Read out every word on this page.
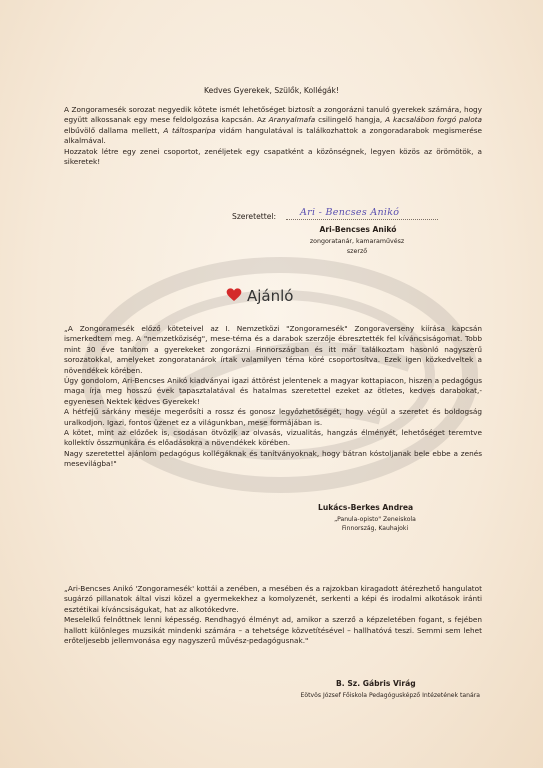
Kedves Gyerekek, Szülők, Kollégák!

A Zongoramesék sorozat negyedik kötete ismét lehetőséget biztosít a zongorázni tanuló gyerekek számára, hogy együtt alkossanak egy mese feldolgozása kapcsán. Az Aranyalmafa csilingelő hangja, A kacsalábon forgó palota elbűvölő dallama mellett, A táltosparipa vidám hangulatával is találkozhattok a zongoradarabok megismerése alkalmával.

Hozzatok létre egy zenei csoportot, zenéljetek egy csapatként a közönségnek, legyen közös az örömötök, a sikeretek!

Szeretettel:	Ari - Bencses Anikó
Ari-Bencses Anikó
zongoratanár, kamaraművész
szerző
Ajánló

„A Zongoramesék előző köteteivel az I. Nemzetközi "Zongoramesék" Zongoraverseny kiírása kapcsán ismerkedtem meg. A "nemzetköziség", mese-téma és a darabok szerzője ébresztették fel kíváncsiságomat. Tobb mint 30 éve tanítom a gyerekeket zongorázni Finnországban és itt már találkoztam hasonló nagyszerű sorozatokkal, amelyeket zongoratanárok írtak valamilyen téma köré csoportosítva. Ezek igen közkedveltek a növendékek körében.

Úgy gondolom, Ari-Bencses Anikó kiadványai igazi áttörést jelentenek a magyar kottapiacon, hiszen a pedagógus maga írja meg hosszú évek tapasztalatával és hatalmas szeretettel ezeket az ötletes, kedves darabokat,- egyenesen Nektek kedves Gyerekek!

A hétfejű sárkány meséje megerősíti a rossz és gonosz legyőzhetőségét, hogy végül a szeretet és boldogság uralkodjon. Igazi, fontos üzenet ez a világunkban, mese formájában is.

A kötet, mint az előzőek is, csodásan ötvözik az olvasás, vizualitás, hangzás élményét, lehetőséget teremtve kollektív összmunkára és előadásokra a növendékek körében.

Nagy szeretettel ajánlom pedagógus kollégáknak és tanítványoknak, hogy bátran kóstoljanak bele ebbe a zenés mesevilágba!"

Lukács-Berkes Andrea
„Panula-opisto" Zeneiskola
Finnország, Kauhajoki

„Ari-Bencses Anikó 'Zongoramesék' kottái a zenében, a mesében és a rajzokban kiragadott átérezhető hangulatot sugárzó pillanatok által viszi közel a gyermekekhez a komolyzenét, serkenti a képi és irodalmi alkotások iránti esztétikai kíváncsiságukat, hat az alkotókedvre.

Meselelkű felnőttnek lenni képesség. Rendhagyó élményt ad, amikor a szerző a képzeletében fogant, s fejében hallott különleges muzsikát mindenki számára – a tehetsége közvetítésével – hallhatóvá teszi. Semmi sem lehet erőteljesebb jellemvonása egy nagyszerű művész-pedagógusnak."

B. Sz. Gábris Virág
Eötvös József Főiskola Pedagógusképző Intézetének tanára
